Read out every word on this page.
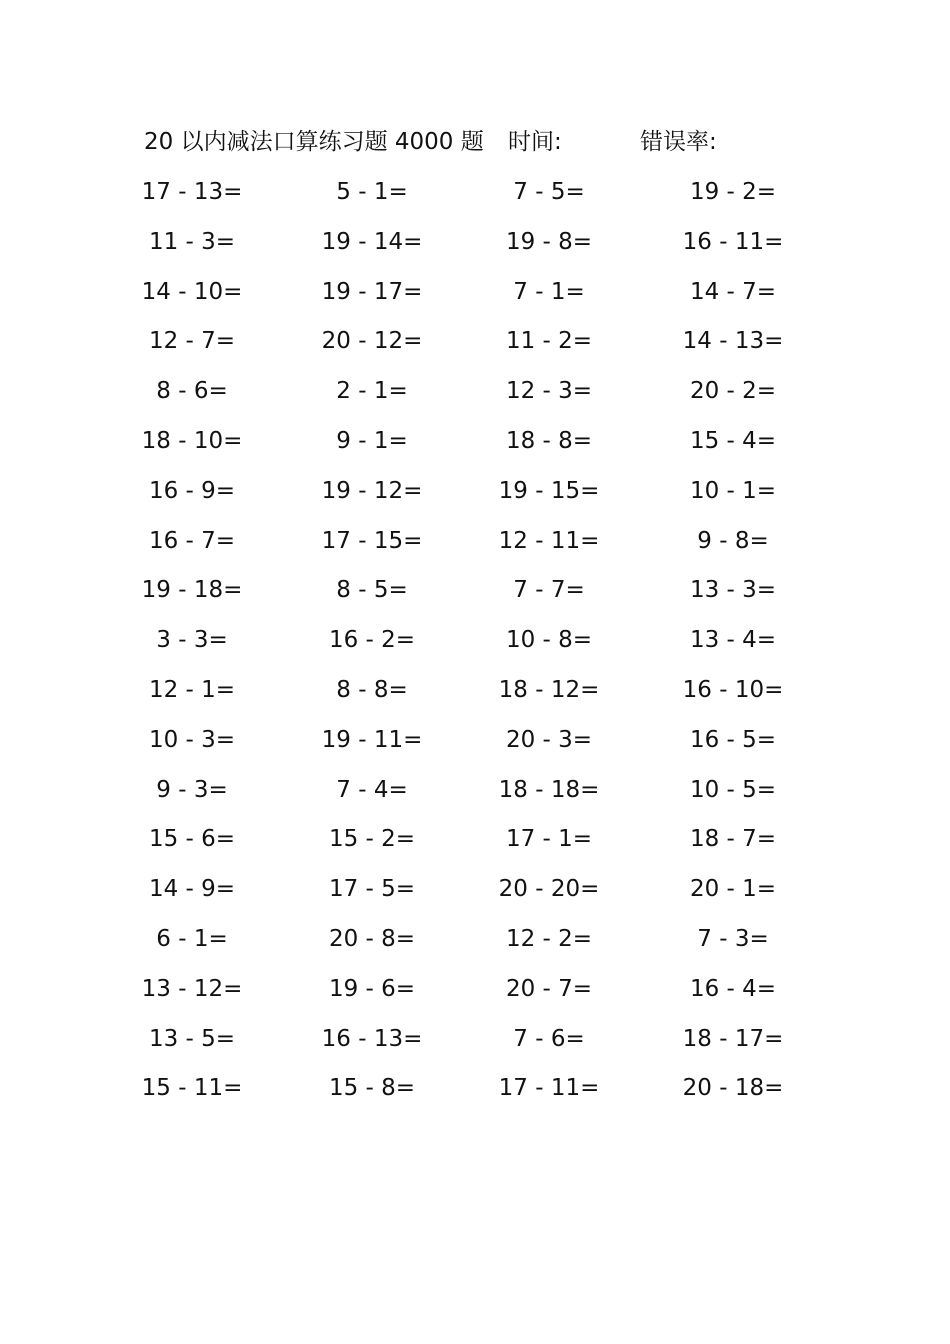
20 以内减法口算练习题 4000 题 时间:	错误率:
17 - 13=	5 - 1=	7 - 5=	19 - 2=
11 - 3=	19 - 14=	19 - 8=	16 - 11=
14 - 10=	19 - 17=	7 - 1=	14 - 7=
12 - 7=	20 - 12=	11 - 2=	14 - 13=
8 - 6=	2 - 1=	12 - 3=	20 - 2=
18 - 10=	9 - 1=	18 - 8=	15 - 4=
16 - 9=	19 - 12=	19 - 15=	10 - 1=
16 - 7=	17 - 15=	12 - 11=	9 - 8=
19 - 18=	8 - 5=	7 - 7=	13 - 3=
3 - 3=	16 - 2=	10 - 8=	13 - 4=
12 - 1=	8 - 8=	18 - 12=	16 - 10=
10 - 3=	19 - 11=	20 - 3=	16 - 5=
9 - 3=	7 - 4=	18 - 18=	10 - 5=
15 - 6=	15 - 2=	17 - 1=	18 - 7=
14 - 9=	17 - 5=	20 - 20=	20 - 1=
6 - 1=	20 - 8=	12 - 2=	7 - 3=
13 - 12=	19 - 6=	20 - 7=	16 - 4=
13 - 5=	16 - 13=	7 - 6=	18 - 17=
15 - 11=	15 - 8=	17 - 11=	20 - 18=
